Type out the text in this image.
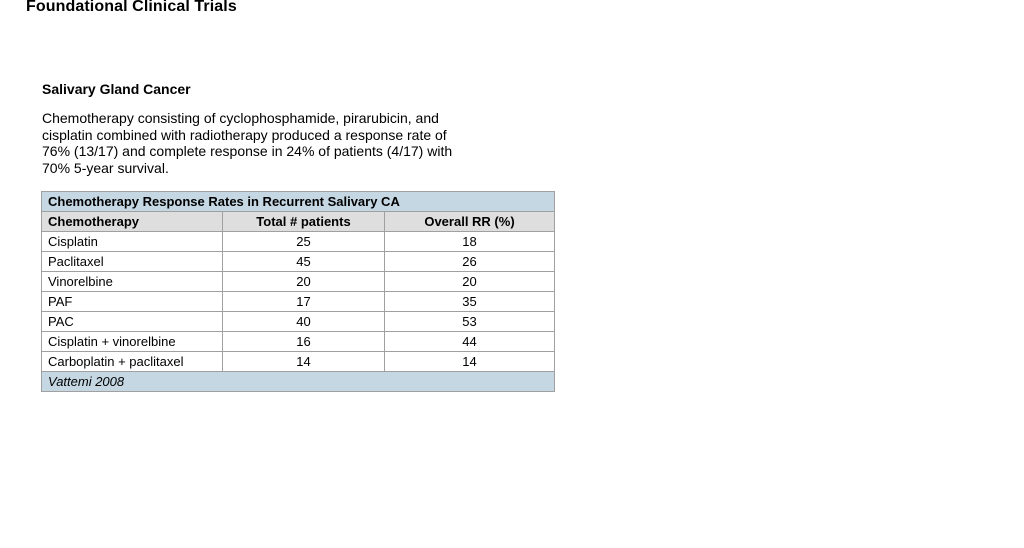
Foundational Clinical Trials
Salivary Gland Cancer
Chemotherapy consisting of cyclophosphamide, pirarubicin, and cisplatin combined with radiotherapy produced a response rate of 76% (13/17) and complete response in 24% of patients (4/17) with 70% 5-year survival.
Chemotherapy Response Rates in Recurrent Salivary CA		
Chemotherapy	Total # patients	Overall RR (%)
Cisplatin	25	18
Paclitaxel	45	26
Vinorelbine	20	20
PAF	17	35
PAC	40	53
Cisplatin + vinorelbine	16	44
Carboplatin + paclitaxel	14	14
Vattemi 2008		
